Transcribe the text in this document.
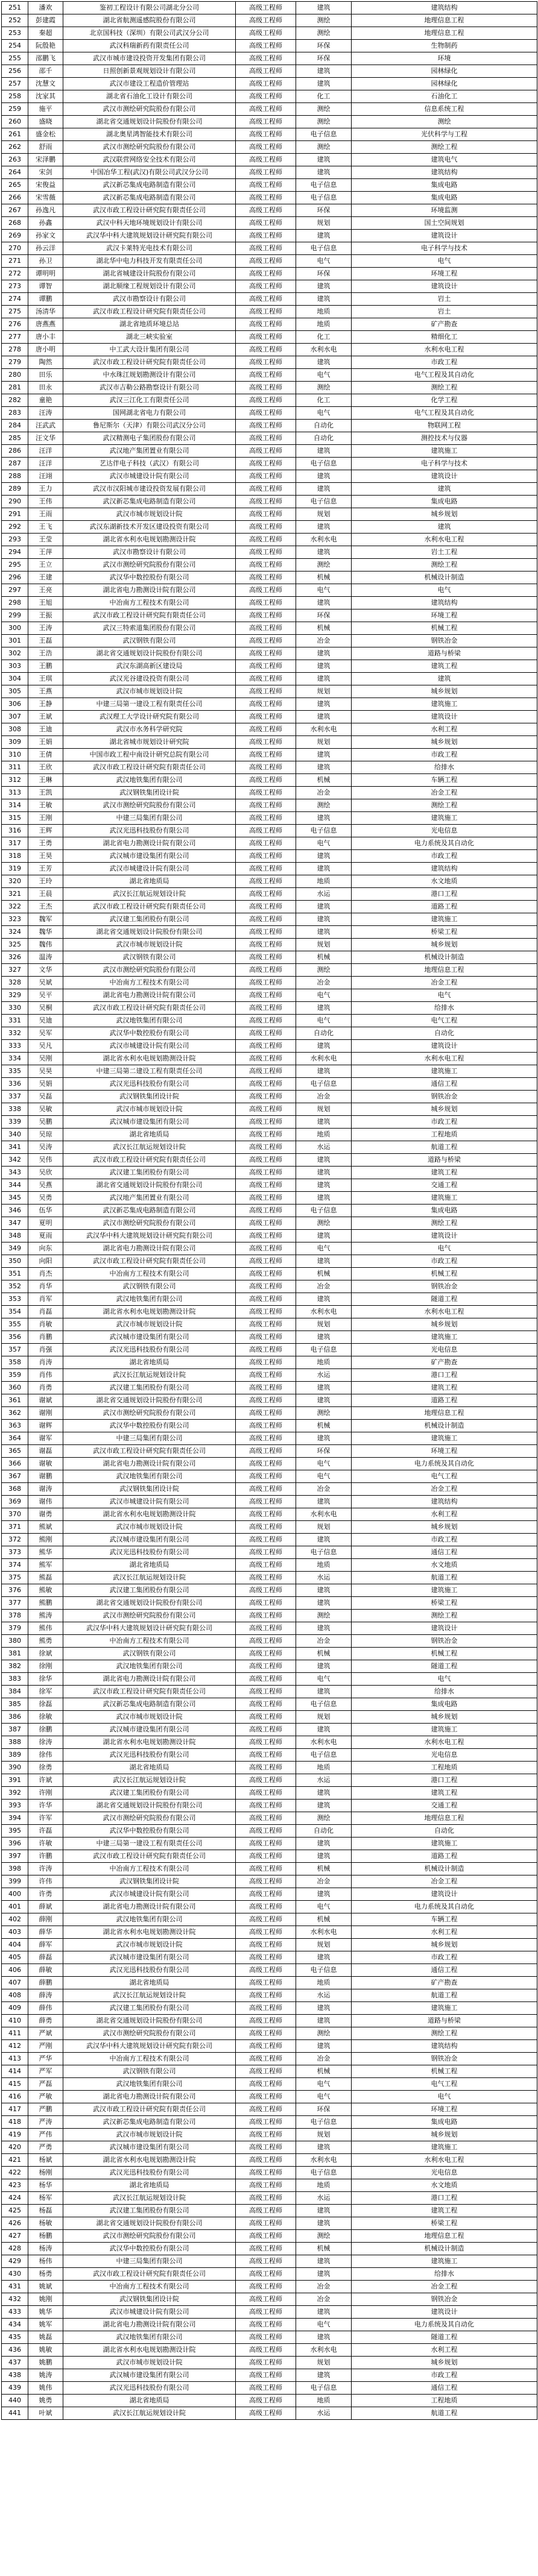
251	潘欢	鉴初工程设计有限公司湖北分公司	高级工程师	建筑	建筑结构
252	彭建霞	湖北省航测遥感院股份有限公司	高级工程师	测绘	地理信息工程
253	秦超	北京国科技（深圳）有限公司武汉分公司	高级工程师	测绘	地理信息工程
254	阮殷艳	武汉科瑞新药有限责任公司	高级工程师	环保	生物制药
255	邵鹏飞	武汉市城市建设投资开发集团有限公司	高级工程师	环保	环境
256	邵千	日照创新景观规划设计有限公司	高级工程师	建筑	园林绿化
257	沈慧文	武汉市建设工程造价管理站	高级工程师	建筑	园林绿化
258	沈家其	湖北省石油化工设计有限公司	高级工程师	化工	石油化工
259	施平	武汉市测绘研究院股份有限公司	高级工程师	测绘	信息系统工程
260	盛晓	湖北省交通规划设计院股份有限公司	高级工程师	测绘	测绘
261	盛金松	湖北奥星鸿智能技术有限公司	高级工程师	电子信息	光伏科学与工程
262	舒雨	武汉市测绘研究院股份有限公司	高级工程师	测绘	测绘工程
263	宋泽鹏	武汉联营网络安全技术有限公司	高级工程师	建筑	建筑电气
264	宋剑	中国冶华工程(武汉)有限公司武汉分公司	高级工程师	建筑	建筑结构
265	宋俊益	武汉新芯集成电路制造有限公司	高级工程师	电子信息	集成电路
266	宋雪薇	武汉新芯集成电路制造有限公司	高级工程师	电子信息	集成电路
267	孙逸凡	武汉市政工程设计研究院有限责任公司	高级工程师	环保	环境监测
268	孙鑫	武汉中科天地环境规划设计有限公司	高级工程师	规划	国土空间规划
269	孙家文	武汉华中科大建筑规划设计研究院有限公司	高级工程师	建筑	建筑设计
270	孙云洋	武汉卡莱特光电技术有限公司	高级工程师	电子信息	电子科学与技术
271	孙卫	湖北华中电力科技开发有限责任公司	高级工程师	电气	电气
272	谭明明	湖北省城建设计院股份有限公司	高级工程师	环保	环境工程
273	谭智	湖北顺缘工程规划设计有限公司	高级工程师	建筑	建筑设计
274	谭鹏	武汉市勘察设计有限公司	高级工程师	建筑	岩土
275	汤清华	武汉市政工程设计研究院有限责任公司	高级工程师	地质	岩土
276	唐燕燕	湖北省地质环境总站	高级工程师	地质	矿产勘查
277	唐小丰	湖北三峡实验室	高级工程师	化工	精细化工
278	唐小明	中工武大设计集团有限公司	高级工程师	水利水电	水利水电工程
279	陶然	武汉市政工程设计研究院有限责任公司	高级工程师	建筑	市政工程
280	田乐	中水珠江规划勘测设计有限公司	高级工程师	电气	电气工程及其自动化
281	田永	武汉市吉勒公路勘察设计有限公司	高级工程师	测绘	测绘工程
282	童艳	武汉三江化工有限责任公司	高级工程师	化工	化学工程
283	汪涛	国网湖北省电力有限公司	高级工程师	电气	电气工程及其自动化
284	汪武武	鲁尼斯尔（天津）有限公司武汉分公司	高级工程师	自动化	物联网工程
285	汪文华	武汉精测电子集团股份有限公司	高级工程师	自动化	测控技术与仪器
286	汪洋	武汉地产集团置业有限公司	高级工程师	建筑	建筑施工
287	汪洋	艺达伴电子科技（武汉）有限公司	高级工程师	电子信息	电子科学与技术
288	汪翊	武汉市城建设计院有限公司	高级工程师	建筑	建筑设计
289	王力	武汉市汉阳城市建设投资发展有限公司	高级工程师	建筑	建筑
290	王伟	武汉新芯集成电路制造有限公司	高级工程师	电子信息	集成电路
291	王雨	武汉市城市规划设计院	高级工程师	规划	城乡规划
292	王飞	武汉东湖新技术开发区建设投资有限公司	高级工程师	建筑	建筑
293	王莹	湖北省水利水电规划勘测设计院	高级工程师	水利水电	水利水电工程
294	王萍	武汉市勘察设计有限公司	高级工程师	建筑	岩土工程
295	王立	武汉市测绘研究院股份有限公司	高级工程师	测绘	测绘工程
296	王建	武汉华中数控股份有限公司	高级工程师	机械	机械设计制造
297	王亮	湖北省电力勘测设计院有限公司	高级工程师	电气	电气
298	王旭	中冶南方工程技术有限公司	高级工程师	建筑	建筑结构
299	王振	武汉市政工程设计研究院有限责任公司	高级工程师	环保	环境工程
300	王涛	武汉三特索道集团股份有限公司	高级工程师	机械	机械工程
301	王磊	武汉钢铁有限公司	高级工程师	冶金	钢铁冶金
302	王浩	湖北省交通规划设计院股份有限公司	高级工程师	建筑	道路与桥梁
303	王鹏	武汉东湖高新区建设局	高级工程师	建筑	建筑工程
304	王琪	武汉光谷建设投资有限公司	高级工程师	建筑	建筑
305	王燕	武汉市城市规划设计院	高级工程师	规划	城乡规划
306	王静	中建三局第一建设工程有限责任公司	高级工程师	建筑	建筑施工
307	王斌	武汉理工大学设计研究院有限公司	高级工程师	建筑	建筑设计
308	王迪	武汉市水务科学研究院	高级工程师	水利水电	水利工程
309	王娟	湖北省城市规划设计研究院	高级工程师	规划	城乡规划
310	王倩	中国市政工程中南设计研究总院有限公司	高级工程师	建筑	市政工程
311	王欣	武汉市政工程设计研究院有限责任公司	高级工程师	建筑	给排水
312	王琳	武汉地铁集团有限公司	高级工程师	机械	车辆工程
313	王凯	武汉钢铁集团设计院	高级工程师	冶金	冶金工程
314	王敏	武汉市测绘研究院股份有限公司	高级工程师	测绘	测绘工程
315	王刚	中建三局集团有限公司	高级工程师	建筑	建筑施工
316	王辉	武汉光迅科技股份有限公司	高级工程师	电子信息	光电信息
317	王勇	湖北省电力勘测设计院有限公司	高级工程师	电气	电力系统及其自动化
318	王昊	武汉城市建设集团有限公司	高级工程师	建筑	市政工程
319	王芳	武汉市城建设计院有限公司	高级工程师	建筑	建筑结构
320	王玲	湖北省地质局	高级工程师	地质	水文地质
321	王晨	武汉长江航运规划设计院	高级工程师	水运	港口工程
322	王杰	武汉市政工程设计研究院有限责任公司	高级工程师	建筑	道路工程
323	魏军	武汉建工集团股份有限公司	高级工程师	建筑	建筑施工
324	魏华	湖北省交通规划设计院股份有限公司	高级工程师	建筑	桥梁工程
325	魏伟	武汉市城市规划设计院	高级工程师	规划	城乡规划
326	温涛	武汉钢铁有限公司	高级工程师	机械	机械设计制造
327	文华	武汉市测绘研究院股份有限公司	高级工程师	测绘	地理信息工程
328	吴斌	中冶南方工程技术有限公司	高级工程师	冶金	冶金工程
329	吴平	湖北省电力勘测设计院有限公司	高级工程师	电气	电气
330	吴桐	武汉市政工程设计研究院有限责任公司	高级工程师	建筑	给排水
331	吴迪	武汉地铁集团有限公司	高级工程师	电气	电气工程
332	吴军	武汉华中数控股份有限公司	高级工程师	自动化	自动化
333	吴凡	武汉市城建设计院有限公司	高级工程师	建筑	建筑设计
334	吴刚	湖北省水利水电规划勘测设计院	高级工程师	水利水电	水利水电工程
335	吴昊	中建三局第二建设工程有限责任公司	高级工程师	建筑	建筑施工
336	吴娟	武汉光迅科技股份有限公司	高级工程师	电子信息	通信工程
337	吴磊	武汉钢铁集团设计院	高级工程师	冶金	钢铁冶金
338	吴敏	武汉市城市规划设计院	高级工程师	规划	城乡规划
339	吴鹏	武汉城市建设集团有限公司	高级工程师	建筑	市政工程
340	吴琼	湖北省地质局	高级工程师	地质	工程地质
341	吴涛	武汉长江航运规划设计院	高级工程师	水运	航道工程
342	吴伟	武汉市政工程设计研究院有限责任公司	高级工程师	建筑	道路与桥梁
343	吴欣	武汉建工集团股份有限公司	高级工程师	建筑	建筑工程
344	吴燕	湖北省交通规划设计院股份有限公司	高级工程师	建筑	交通工程
345	吴勇	武汉地产集团置业有限公司	高级工程师	建筑	建筑施工
346	伍华	武汉新芯集成电路制造有限公司	高级工程师	电子信息	集成电路
347	夏明	武汉市测绘研究院股份有限公司	高级工程师	测绘	测绘工程
348	夏雨	武汉华中科大建筑规划设计研究院有限公司	高级工程师	建筑	建筑设计
349	向东	湖北省电力勘测设计院有限公司	高级工程师	电气	电气
350	向阳	武汉市政工程设计研究院有限责任公司	高级工程师	建筑	市政工程
351	肖杰	中冶南方工程技术有限公司	高级工程师	机械	机械工程
352	肖华	武汉钢铁有限公司	高级工程师	冶金	钢铁冶金
353	肖军	武汉地铁集团有限公司	高级工程师	建筑	隧道工程
354	肖磊	湖北省水利水电规划勘测设计院	高级工程师	水利水电	水利水电工程
355	肖敏	武汉市城市规划设计院	高级工程师	规划	城乡规划
356	肖鹏	武汉城市建设集团有限公司	高级工程师	建筑	建筑施工
357	肖强	武汉光迅科技股份有限公司	高级工程师	电子信息	光电信息
358	肖涛	湖北省地质局	高级工程师	地质	矿产勘查
359	肖伟	武汉长江航运规划设计院	高级工程师	水运	港口工程
360	肖勇	武汉建工集团股份有限公司	高级工程师	建筑	建筑工程
361	谢斌	湖北省交通规划设计院股份有限公司	高级工程师	建筑	道路工程
362	谢刚	武汉市测绘研究院股份有限公司	高级工程师	测绘	地理信息工程
363	谢辉	武汉华中数控股份有限公司	高级工程师	机械	机械设计制造
364	谢军	中建三局集团有限公司	高级工程师	建筑	建筑施工
365	谢磊	武汉市政工程设计研究院有限责任公司	高级工程师	环保	环境工程
366	谢敏	湖北省电力勘测设计院有限公司	高级工程师	电气	电力系统及其自动化
367	谢鹏	武汉地铁集团有限公司	高级工程师	电气	电气工程
368	谢涛	武汉钢铁集团设计院	高级工程师	冶金	冶金工程
369	谢伟	武汉市城建设计院有限公司	高级工程师	建筑	建筑结构
370	谢勇	湖北省水利水电规划勘测设计院	高级工程师	水利水电	水利工程
371	熊斌	武汉市城市规划设计院	高级工程师	规划	城乡规划
372	熊刚	武汉城市建设集团有限公司	高级工程师	建筑	市政工程
373	熊华	武汉光迅科技股份有限公司	高级工程师	电子信息	通信工程
374	熊军	湖北省地质局	高级工程师	地质	水文地质
375	熊磊	武汉长江航运规划设计院	高级工程师	水运	航道工程
376	熊敏	武汉建工集团股份有限公司	高级工程师	建筑	建筑施工
377	熊鹏	湖北省交通规划设计院股份有限公司	高级工程师	建筑	桥梁工程
378	熊涛	武汉市测绘研究院股份有限公司	高级工程师	测绘	测绘工程
379	熊伟	武汉华中科大建筑规划设计研究院有限公司	高级工程师	建筑	建筑设计
380	熊勇	中冶南方工程技术有限公司	高级工程师	冶金	钢铁冶金
381	徐斌	武汉钢铁有限公司	高级工程师	机械	机械工程
382	徐刚	武汉地铁集团有限公司	高级工程师	建筑	隧道工程
383	徐华	湖北省电力勘测设计院有限公司	高级工程师	电气	电气
384	徐军	武汉市政工程设计研究院有限责任公司	高级工程师	建筑	给排水
385	徐磊	武汉新芯集成电路制造有限公司	高级工程师	电子信息	集成电路
386	徐敏	武汉市城市规划设计院	高级工程师	规划	城乡规划
387	徐鹏	武汉城市建设集团有限公司	高级工程师	建筑	建筑施工
388	徐涛	湖北省水利水电规划勘测设计院	高级工程师	水利水电	水利水电工程
389	徐伟	武汉光迅科技股份有限公司	高级工程师	电子信息	光电信息
390	徐勇	湖北省地质局	高级工程师	地质	工程地质
391	许斌	武汉长江航运规划设计院	高级工程师	水运	港口工程
392	许刚	武汉建工集团股份有限公司	高级工程师	建筑	建筑工程
393	许华	湖北省交通规划设计院股份有限公司	高级工程师	建筑	交通工程
394	许军	武汉市测绘研究院股份有限公司	高级工程师	测绘	地理信息工程
395	许磊	武汉华中数控股份有限公司	高级工程师	自动化	自动化
396	许敏	中建三局第一建设工程有限责任公司	高级工程师	建筑	建筑施工
397	许鹏	武汉市政工程设计研究院有限责任公司	高级工程师	建筑	道路工程
398	许涛	中冶南方工程技术有限公司	高级工程师	机械	机械设计制造
399	许伟	武汉钢铁集团设计院	高级工程师	冶金	冶金工程
400	许勇	武汉市城建设计院有限公司	高级工程师	建筑	建筑设计
401	薛斌	湖北省电力勘测设计院有限公司	高级工程师	电气	电力系统及其自动化
402	薛刚	武汉地铁集团有限公司	高级工程师	机械	车辆工程
403	薛华	湖北省水利水电规划勘测设计院	高级工程师	水利水电	水利工程
404	薛军	武汉市城市规划设计院	高级工程师	规划	城乡规划
405	薛磊	武汉城市建设集团有限公司	高级工程师	建筑	市政工程
406	薛敏	武汉光迅科技股份有限公司	高级工程师	电子信息	通信工程
407	薛鹏	湖北省地质局	高级工程师	地质	矿产勘查
408	薛涛	武汉长江航运规划设计院	高级工程师	水运	航道工程
409	薛伟	武汉建工集团股份有限公司	高级工程师	建筑	建筑施工
410	薛勇	湖北省交通规划设计院股份有限公司	高级工程师	建筑	道路与桥梁
411	严斌	武汉市测绘研究院股份有限公司	高级工程师	测绘	测绘工程
412	严刚	武汉华中科大建筑规划设计研究院有限公司	高级工程师	建筑	建筑结构
413	严华	中冶南方工程技术有限公司	高级工程师	冶金	钢铁冶金
414	严军	武汉钢铁有限公司	高级工程师	机械	机械工程
415	严磊	武汉地铁集团有限公司	高级工程师	电气	电气工程
416	严敏	湖北省电力勘测设计院有限公司	高级工程师	电气	电气
417	严鹏	武汉市政工程设计研究院有限责任公司	高级工程师	环保	环境工程
418	严涛	武汉新芯集成电路制造有限公司	高级工程师	电子信息	集成电路
419	严伟	武汉市城市规划设计院	高级工程师	规划	城乡规划
420	严勇	武汉城市建设集团有限公司	高级工程师	建筑	建筑施工
421	杨斌	湖北省水利水电规划勘测设计院	高级工程师	水利水电	水利水电工程
422	杨刚	武汉光迅科技股份有限公司	高级工程师	电子信息	光电信息
423	杨华	湖北省地质局	高级工程师	地质	水文地质
424	杨军	武汉长江航运规划设计院	高级工程师	水运	港口工程
425	杨磊	武汉建工集团股份有限公司	高级工程师	建筑	建筑工程
426	杨敏	湖北省交通规划设计院股份有限公司	高级工程师	建筑	桥梁工程
427	杨鹏	武汉市测绘研究院股份有限公司	高级工程师	测绘	地理信息工程
428	杨涛	武汉华中数控股份有限公司	高级工程师	机械	机械设计制造
429	杨伟	中建三局集团有限公司	高级工程师	建筑	建筑施工
430	杨勇	武汉市政工程设计研究院有限责任公司	高级工程师	建筑	给排水
431	姚斌	中冶南方工程技术有限公司	高级工程师	冶金	冶金工程
432	姚刚	武汉钢铁集团设计院	高级工程师	冶金	钢铁冶金
433	姚华	武汉市城建设计院有限公司	高级工程师	建筑	建筑设计
434	姚军	湖北省电力勘测设计院有限公司	高级工程师	电气	电力系统及其自动化
435	姚磊	武汉地铁集团有限公司	高级工程师	建筑	隧道工程
436	姚敏	湖北省水利水电规划勘测设计院	高级工程师	水利水电	水利工程
437	姚鹏	武汉市城市规划设计院	高级工程师	规划	城乡规划
438	姚涛	武汉城市建设集团有限公司	高级工程师	建筑	市政工程
439	姚伟	武汉光迅科技股份有限公司	高级工程师	电子信息	通信工程
440	姚勇	湖北省地质局	高级工程师	地质	工程地质
441	叶斌	武汉长江航运规划设计院	高级工程师	水运	航道工程
